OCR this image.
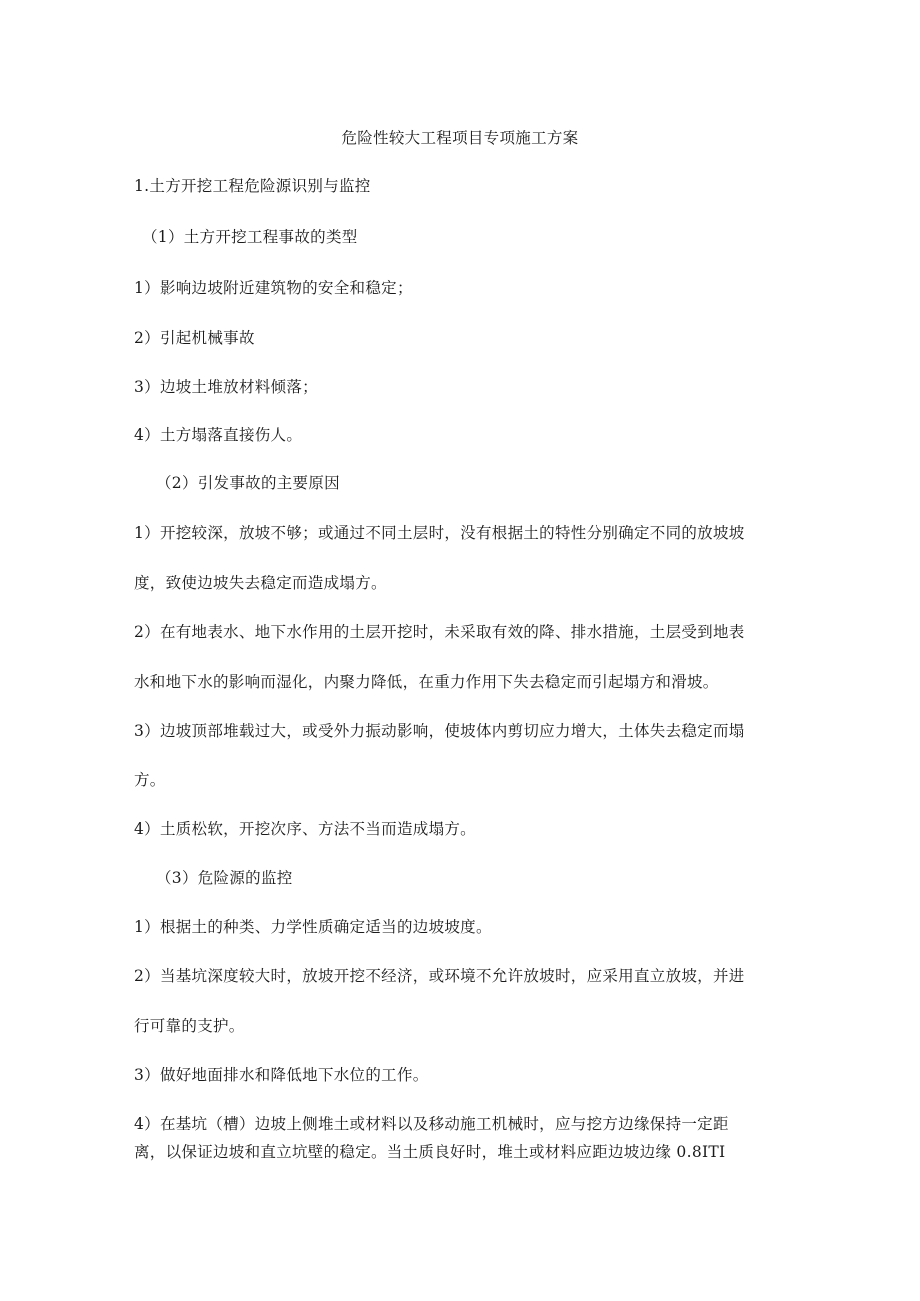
危险性较大工程项目专项施工方案
1.土方开挖工程危险源识别与监控
（1）土方开挖工程事故的类型
1）影响边坡附近建筑物的安全和稳定；
2）引起机械事故
3）边坡土堆放材料倾落；
4）土方塌落直接伤人。
（2）引发事故的主要原因
1）开挖较深，放坡不够；或通过不同土层时，没有根据土的特性分别确定不同的放坡坡
度，致使边坡失去稳定而造成塌方。
2）在有地表水、地下水作用的土层开挖时，未采取有效的降、排水措施，土层受到地表
水和地下水的影响而湿化，内聚力降低，在重力作用下失去稳定而引起塌方和滑坡。
3）边坡顶部堆载过大，或受外力振动影响，使坡体内剪切应力增大，土体失去稳定而塌
方。
4）土质松软，开挖次序、方法不当而造成塌方。
（3）危险源的监控
1）根据土的种类、力学性质确定适当的边坡坡度。
2）当基坑深度较大时，放坡开挖不经济，或环境不允许放坡时，应采用直立放坡，并进
行可靠的支护。
3）做好地面排水和降低地下水位的工作。
4）在基坑（槽）边坡上侧堆土或材料以及移动施工机械时，应与挖方边缘保持一定距
离，以保证边坡和直立坑壁的稳定。当土质良好时，堆土或材料应距边坡边缘 0.8ITI
